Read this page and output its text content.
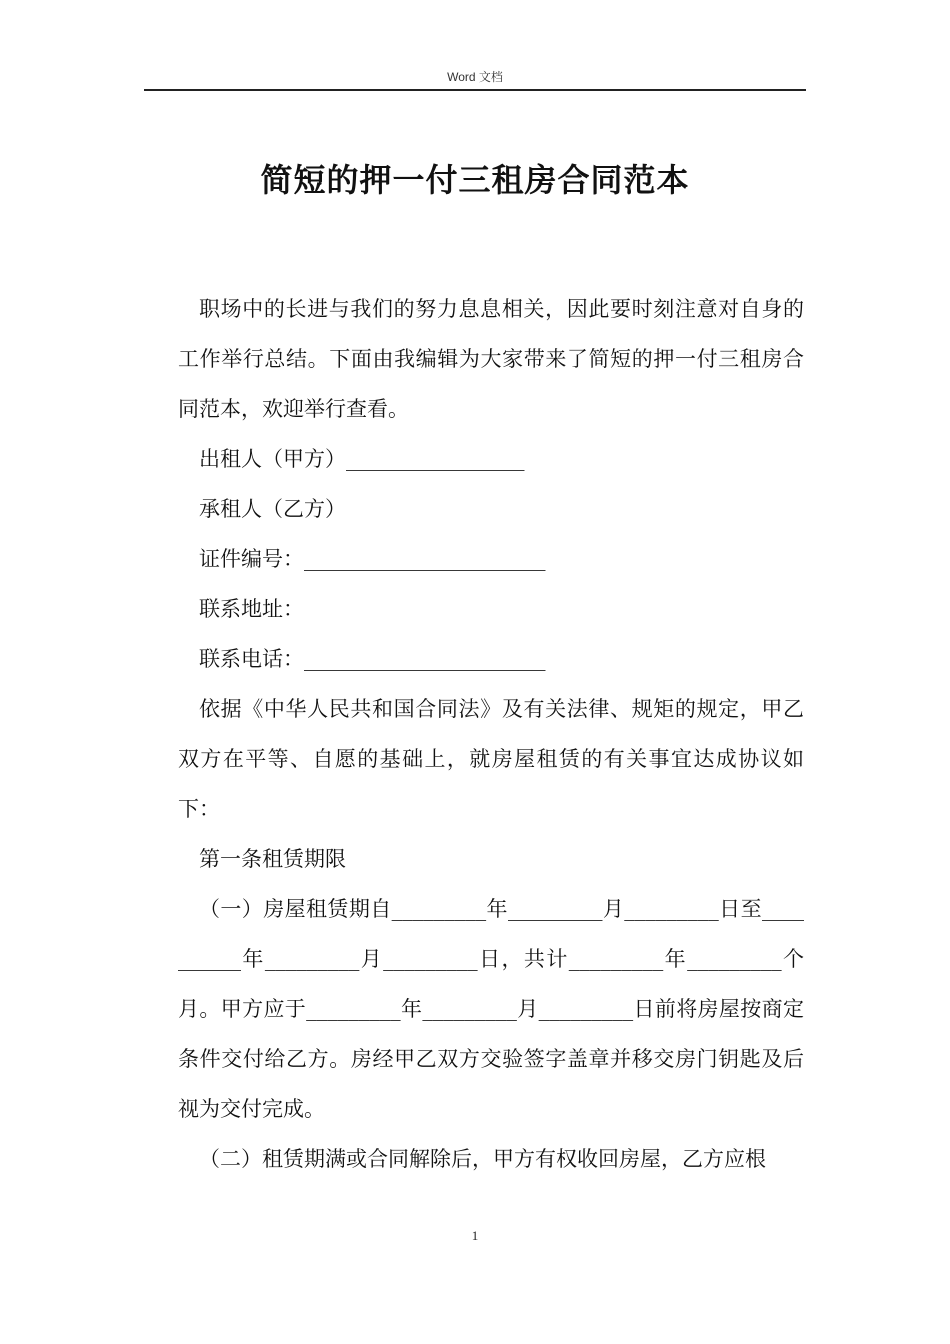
Word 文档
简短的押一付三租房合同范本

职场中的长进与我们的努力息息相关，因此要时刻注意对自身的工作举行总结。下面由我编辑为大家带来了简短的押一付三租房合同范本，欢迎举行查看。

出租人（甲方）_________________

承租人（乙方）

证件编号：_______________________

联系地址：

联系电话：_______________________

依据《中华人民共和国合同法》及有关法律、规矩的规定，甲乙双方在平等、自愿的基础上，就房屋租赁的有关事宜达成协议如下：

第一条租赁期限

（一）房屋租赁期自_________年_________月_________日至__________年_________月_________日，共计_________年_________个月。甲方应于_________年_________月_________日前将房屋按商定条件交付给乙方。房经甲乙双方交验签字盖章并移交房门钥匙及后视为交付完成。

（二）租赁期满或合同解除后，甲方有权收回房屋，乙方应根

1
